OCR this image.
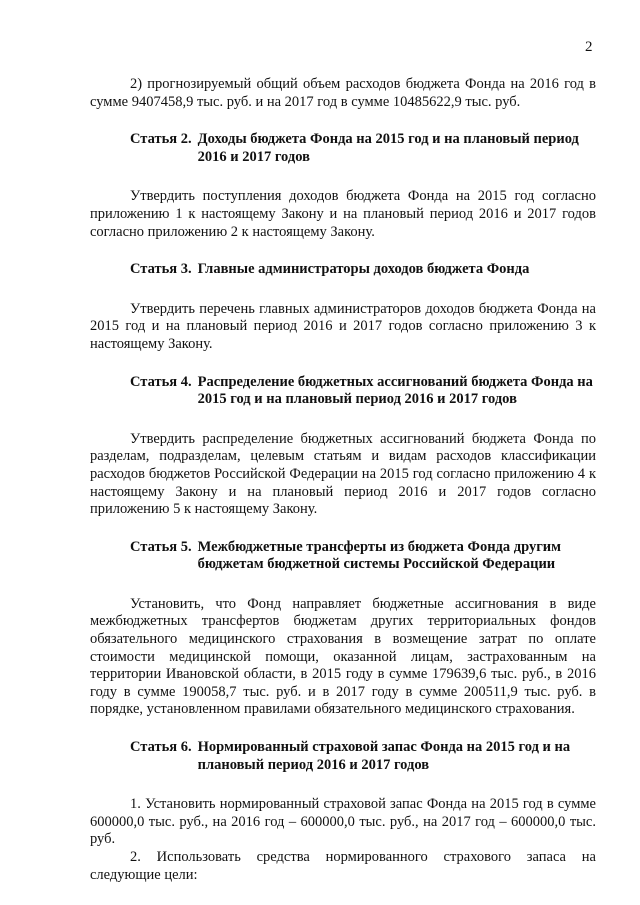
2

2) прогнозируемый общий объем расходов бюджета Фонда на 2016 год в сумме 9407458,9 тыс. руб. и на 2017 год в сумме 10485622,9 тыс. руб.

Статья 2. Доходы бюджета Фонда на 2015 год и на плановый период 2016 и 2017 годов

Утвердить поступления доходов бюджета Фонда на 2015 год согласно приложению 1 к настоящему Закону и на плановый период 2016 и 2017 годов согласно приложению 2 к настоящему Закону.

Статья 3. Главные администраторы доходов бюджета Фонда

Утвердить перечень главных администраторов доходов бюджета Фонда на 2015 год и на плановый период 2016 и 2017 годов согласно приложению 3 к настоящему Закону.

Статья 4. Распределение бюджетных ассигнований бюджета Фонда на 2015 год и на плановый период 2016 и 2017 годов

Утвердить распределение бюджетных ассигнований бюджета Фонда по разделам, подразделам, целевым статьям и видам расходов классификации расходов бюджетов Российской Федерации на 2015 год согласно приложению 4 к настоящему Закону и на плановый период 2016 и 2017 годов согласно приложению 5 к настоящему Закону.

Статья 5. Межбюджетные трансферты из бюджета Фонда другим бюджетам бюджетной системы Российской Федерации

Установить, что Фонд направляет бюджетные ассигнования в виде межбюджетных трансфертов бюджетам других территориальных фондов обязательного медицинского страхования в возмещение затрат по оплате стоимости медицинской помощи, оказанной лицам, застрахованным на территории Ивановской области, в 2015 году в сумме 179639,6 тыс. руб., в 2016 году в сумме 190058,7 тыс. руб. и в 2017 году в сумме 200511,9 тыс. руб. в порядке, установленном правилами обязательного медицинского страхования.

Статья 6. Нормированный страховой запас Фонда на 2015 год и на плановый период 2016 и 2017 годов

1. Установить нормированный страховой запас Фонда на 2015 год в сумме 600000,0 тыс. руб., на 2016 год – 600000,0 тыс. руб., на 2017 год – 600000,0 тыс. руб.

2. Использовать средства нормированного страхового запаса на следующие цели:
